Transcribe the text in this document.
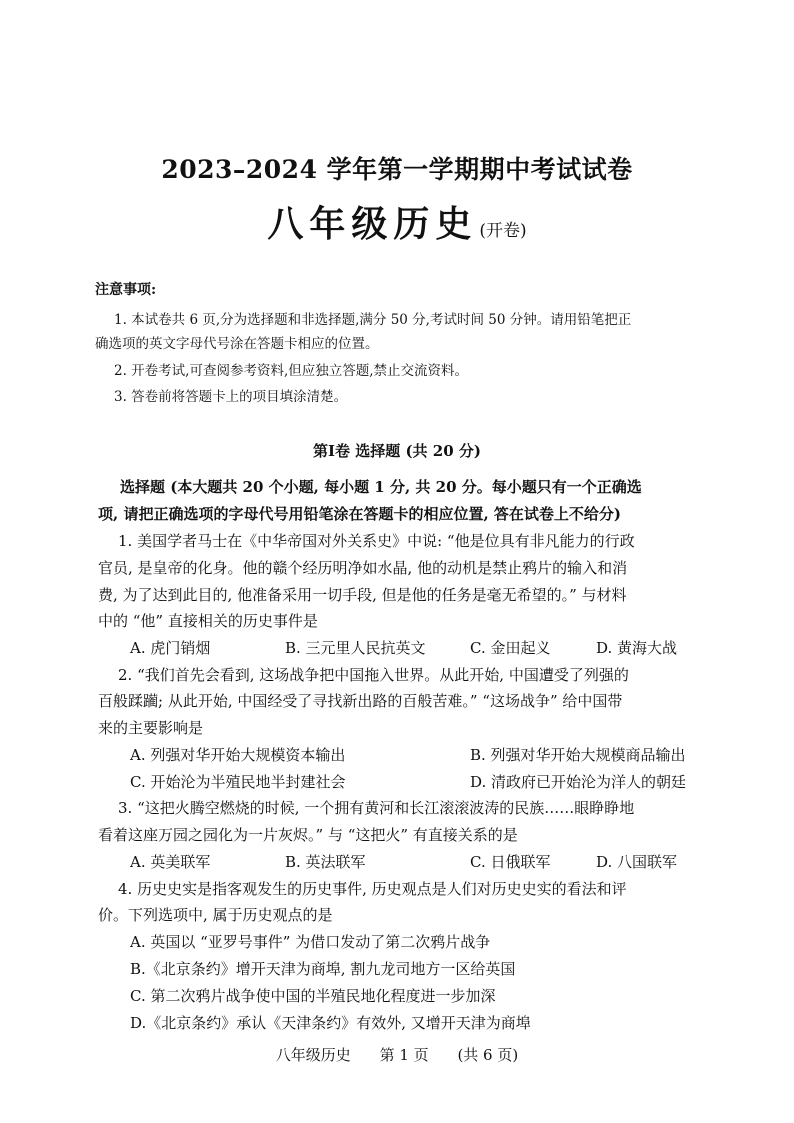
2023–2024 学年第一学期期中考试试卷
八年级历史 (开卷)
注意事项:
1. 本试卷共 6 页,分为选择题和非选择题,满分 50 分,考试时间 50 分钟。请用铅笔把正
确选项的英文字母代号涂在答题卡相应的位置。
2. 开卷考试,可查阅参考资料,但应独立答题,禁止交流资料。
3. 答卷前将答题卡上的项目填涂清楚。
第Ⅰ卷 选择题 (共 20 分)
选择题 (本大题共 20 个小题, 每小题 1 分, 共 20 分。每小题只有一个正确选
项, 请把正确选项的字母代号用铅笔涂在答题卡的相应位置, 答在试卷上不给分)
1. 美国学者马士在《中华帝国对外关系史》中说: “他是位具有非凡能力的行政
官员, 是皇帝的化身。他的赣个经历明净如水晶, 他的动机是禁止鸦片的输入和消
费, 为了达到此目的, 他准备采用一切手段, 但是他的任务是毫无希望的。” 与材料
中的 “他” 直接相关的历史事件是
A. 虎门销烟	B. 三元里人民抗英文	C. 金田起义	D. 黄海大战
2. “我们首先会看到, 这场战争把中国拖入世界。从此开始, 中国遭受了列强的
百般蹂躏; 从此开始, 中国经受了寻找新出路的百般苦难。” “这场战争” 给中国带
来的主要影响是
A. 列强对华开始大规模资本输出	B. 列强对华开始大规模商品输出
C. 开始沦为半殖民地半封建社会	D. 清政府已开始沦为洋人的朝廷
3. “这把火腾空燃烧的时候, 一个拥有黄河和长江滚滚波涛的民族……眼睁睁地
看着这座万园之园化为一片灰烬。” 与 “这把火” 有直接关系的是
A. 英美联军	B. 英法联军	C. 日俄联军	D. 八国联军
4. 历史史实是指客观发生的历史事件, 历史观点是人们对历史史实的看法和评
价。下列选项中, 属于历史观点的是
A. 英国以 “亚罗号事件” 为借口发动了第二次鸦片战争
B.《北京条约》增开天津为商埠, 割九龙司地方一区给英国
C. 第二次鸦片战争使中国的半殖民地化程度进一步加深
D.《北京条约》承认《天津条约》有效外, 又增开天津为商埠
八年级历史 第 1 页 (共 6 页)
